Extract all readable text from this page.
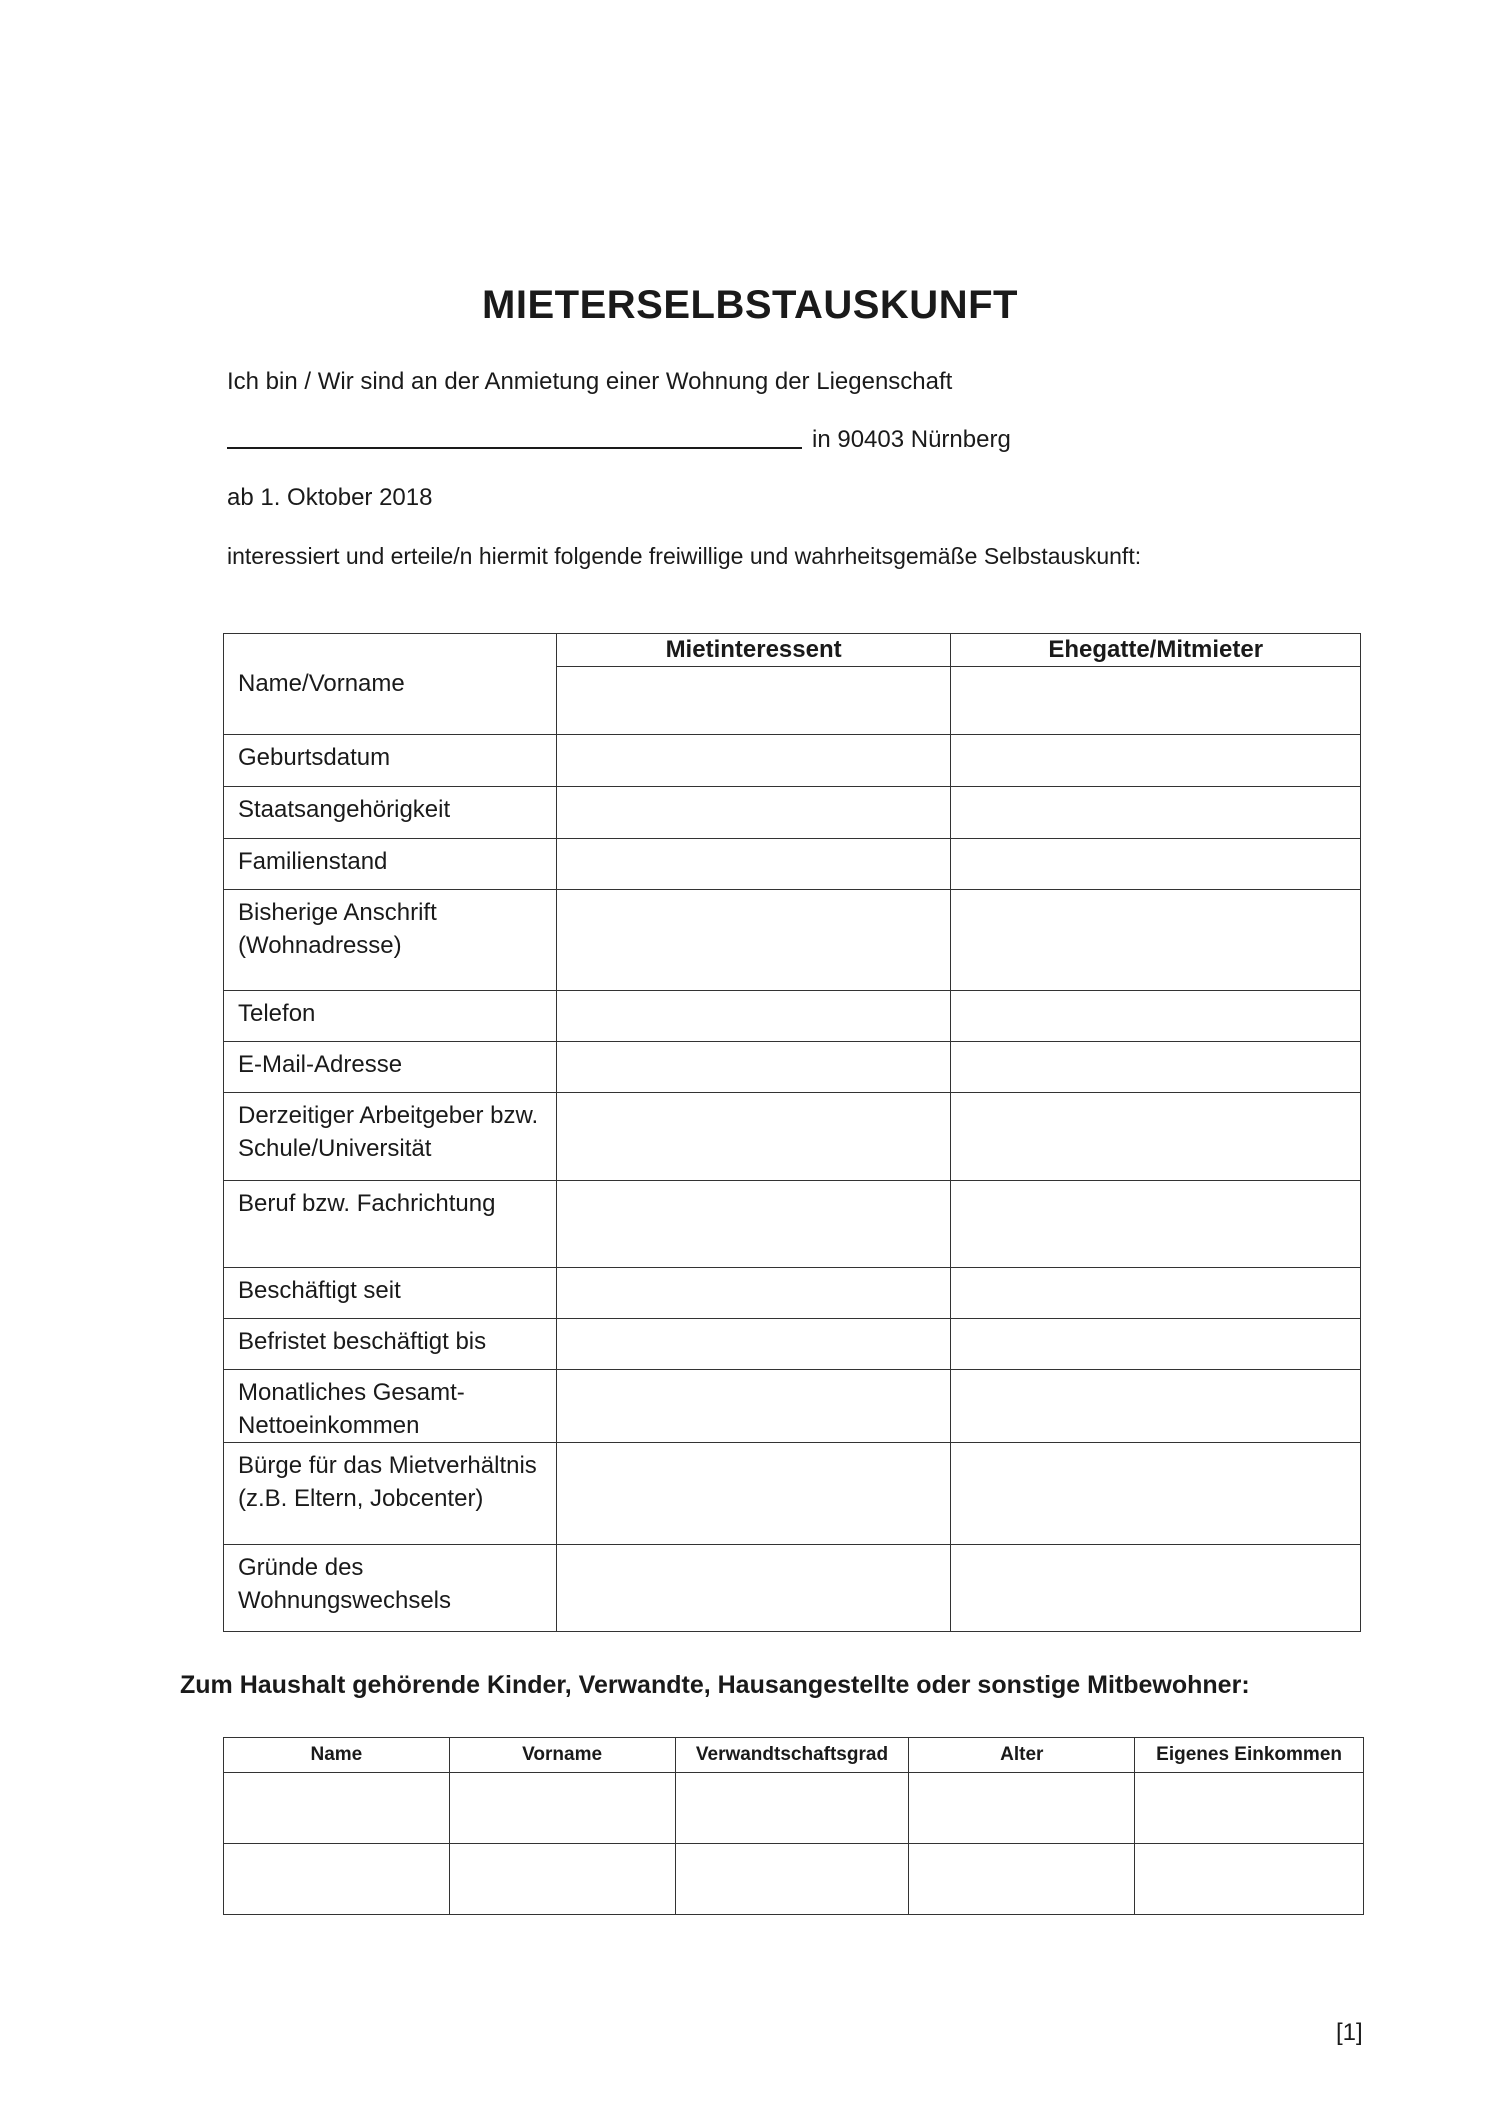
MIETERSELBSTAUSKUNFT
Ich bin / Wir sind an der Anmietung einer Wohnung der Liegenschaft
in 90403 Nürnberg
ab 1. Oktober 2018
interessiert und erteile/n hiermit folgende freiwillige und wahrheitsgemäße Selbstauskunft:
	Mietinteressent	Ehegatte/Mitmieter
Name/Vorname		
Geburtsdatum		
Staatsangehörigkeit		
Familienstand		
Bisherige Anschrift (Wohnadresse)		
Telefon		
E-Mail-Adresse		
Derzeitiger Arbeitgeber bzw. Schule/Universität		
Beruf bzw. Fachrichtung		
Beschäftigt seit		
Befristet beschäftigt bis		
Monatliches Gesamt-Nettoeinkommen		
Bürge für das Mietverhältnis (z.B. Eltern, Jobcenter)		
Gründe des Wohnungswechsels		
Zum Haushalt gehörende Kinder, Verwandte, Hausangestellte oder sonstige Mitbewohner:
Name	Vorname	Verwandtschaftsgrad	Alter	Eigenes Einkommen

[1]
